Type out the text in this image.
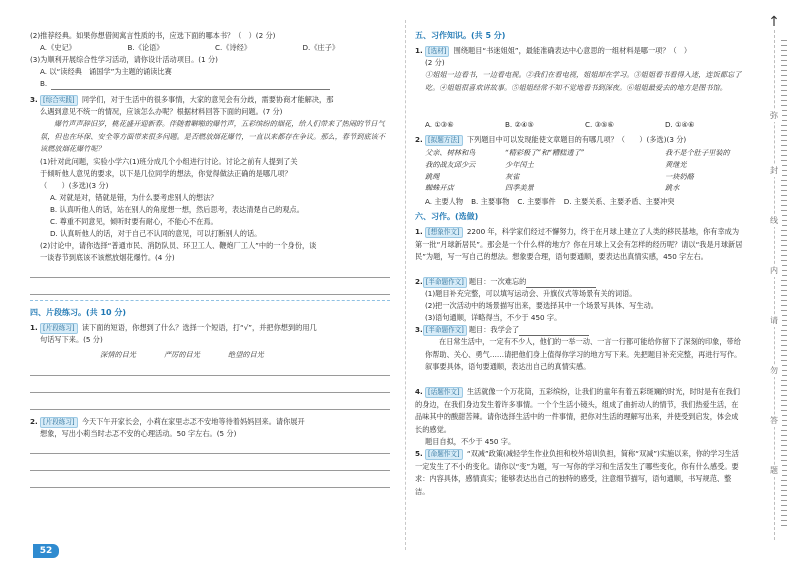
(2)推荐经典。如果你想借阅寓言性质的书，应选下面的哪本书？（　）(2 分)
A.《史记》	B.《论语》	C.《诗经》	D.《庄子》
(3)为顺利开展综合性学习活动，请你设计活动项目。(1 分)
A. 以“读经典　诵国学”为主题的诵读比赛
B.
3. [综合实践] 同学们，对于生活中的很多事情，大家的意见会有分歧，需要协商才能解决，那
么遇到意见不统一的情况，应该怎么办呢？根据材料回答下面的问题。(7 分)
爆竹声声辞旧岁，桃花盛开迎新春。伴随着噼啪的爆竹声，五彩缤纷的烟花，给人们带来了热闹的节日气氛，但也在环保、安全等方面带来很多问题。是否燃放烟花爆竹，一直以来都存在争议。那么，春节到底该不该燃放烟花爆竹呢？
(1)针对此问题，实验小学六(1)班分成几个小组进行讨论。讨论之前有人提到了关
于倾听他人意见的要求，以下是几位同学的想法，你觉得做法正确的是哪几项？
（　　）(多选)(3 分)
A. 对就是对，错就是错，为什么要考虑别人的想法？
B. 认真听他人的话，站在别人的角度想一想，然后思考，表达清楚自己的观点。
C. 尊重不同意见，倾听时要有耐心，不能心不在焉。
D. 认真听他人的话，对于自己不认同的意见，可以打断别人的话。
(2)讨论中，请你选择“普通市民、消防队员、环卫工人、鞭炮厂工人”中的一个身份，谈
一谈春节到底该不该燃放烟花爆竹。(4 分)
四、片段练习。(共 10 分)
1. [片段练习] 读下面的短语，你想到了什么？选择一个短语，打“√”，并把你想到的用几
句话写下来。(5 分)
深情的目光	严厉的目光	绝望的目光
2. [片段练习] 今天下午开家长会，小莉在家里忐忑不安地等待着妈妈回来。请你展开
想象，写出小莉当时忐忑不安的心理活动。50 字左右。(5 分)
52
五、习作知识。(共 5 分)
1. [选材] 围绕题目“书迷姐姐”，最能准确表达中心意思的一组材料是哪一项？（　）
(2 分)
①姐姐一边看书，一边看电视。②我们在看电视，姐姐却在学习。③姐姐看书看得入迷，连饭都忘了吃。④姐姐很喜欢讲故事。⑤姐姐经常不知不觉地看书到深夜。⑥姐姐最爱去的地方是图书馆。
A. ①③⑥	B. ②④⑤	C. ③⑤⑥	D. ①④⑥
2. [拟题方法] 下列题目中可以发现能使文章题目的有哪几项？（　　）(多选)(3 分)
父亲、树林和鸟	“精彩极了”和“糟糕透了”	我不是个肚子里装的
我的战友邱少云	少年闰土	黄继光
跳绳	灰雀	一块奶酪
蜘蛛开店	四季美景	跳水
A. 主要人物 B. 主要事物 C. 主要事件 D. 主要关系、主要矛盾、主要冲突
六、习作。(选做)
1. [想象作文] 2200 年，科学家们经过不懈努力，终于在月球上建立了人类的移民基地，你有幸成为第一批“月球新居民”。那会是一个什么样的地方？你在月球上又会有怎样的经历呢？请以“我是月球新居民”为题，写一写自己的想法。想象要合理，语句要通顺，要表达出真情实感，450 字左右。
2. [半命题作文] 题目：一次难忘的
(1)题目补充完整，可以填写运动会、升旗仪式等场景有关的词语。
(2)把一次活动中的场景描写出来，要选择其中一个场景写具体、写生动。
(3)语句通顺，详略得当，不少于 450 字。
3. [半命题作文] 题目：我学会了
在日常生活中，一定有不少人，他们的一举一动、一言一行都可能给你留下了深刻的印象，带给你帮助、关心、勇气……请把他们身上值得你学习的地方写下来。先把题目补充完整，再进行写作。叙事要具体，语句要通顺，表达出自己的真情实感。
4. [话题作文] 生活就像一个万花筒，五彩缤纷，让我们的童年有着五彩斑斓的时光，时时是有在我们的身边，在我们身边发生着许多事情。一个个生活小镜头，组成了曲折动人的情节，我们热爱生活，在品味其中的酸甜苦辣。请你选择生活中的一件事情，把你对生活的理解写出来，并使受到启发，体会成长的感觉。
题目自拟，不少于 450 字。
5. [命题作文] “双减”政策(减轻学生作业负担和校外培训负担，简称“双减”)实施以来，你的学习生活一定发生了不小的变化。请你以“变”为题，写一写你的学习和生活发生了哪些变化，你有什么感受。要求：内容具体，感情真实；能够表达出自己的独特的感受，注意细节描写，语句通顺，书写规范、整洁。
↑
弥
封
线
内
请
勿
答
题
